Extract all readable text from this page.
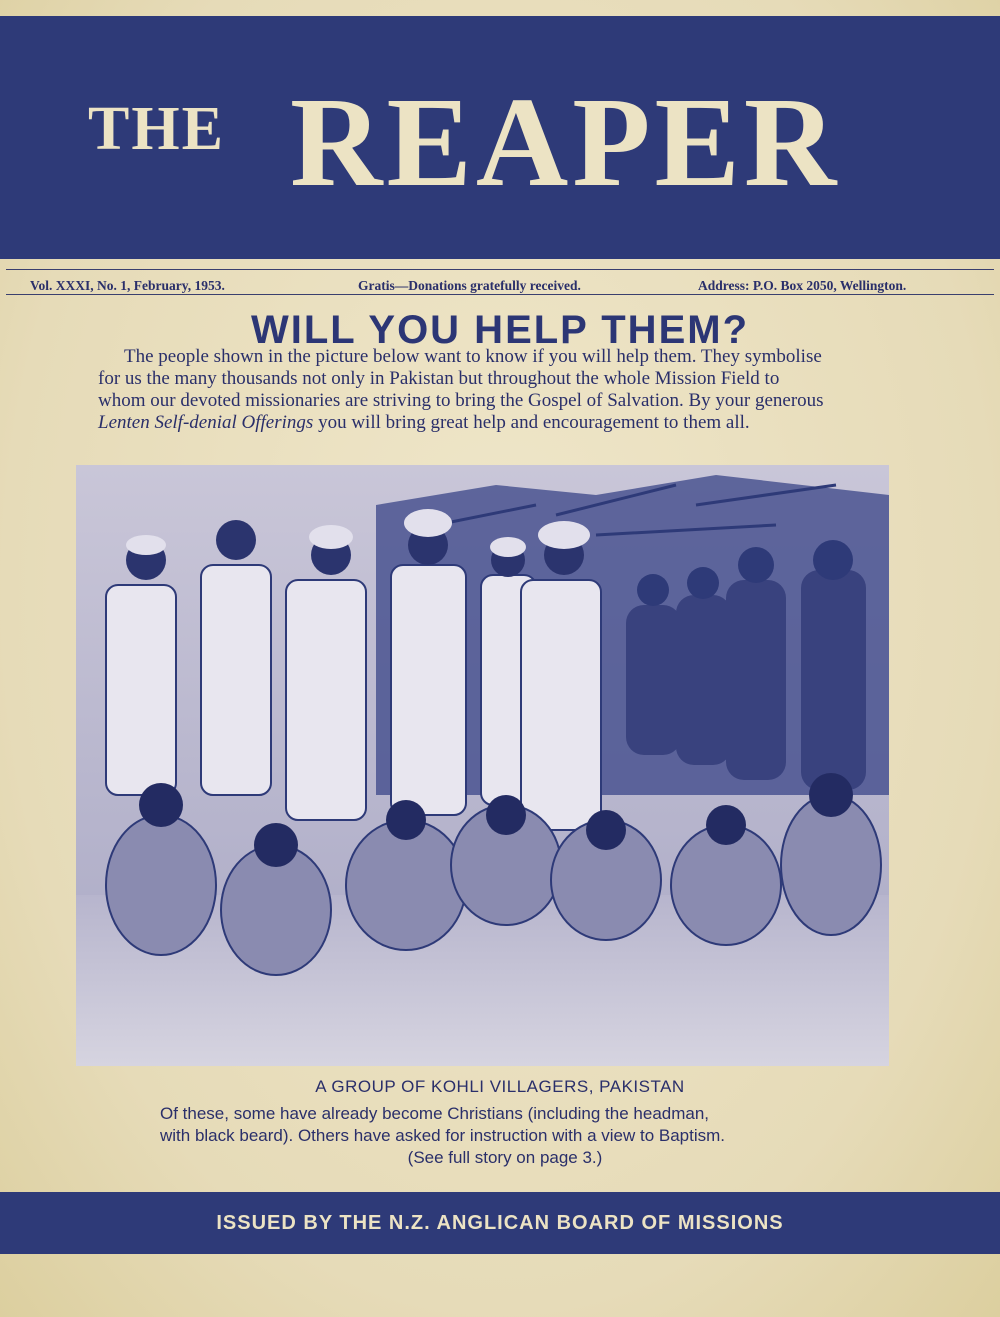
THE REAPER
Vol. XXXI, No. 1, February, 1953.	Gratis—Donations gratefully received.	Address: P.O. Box 2050, Wellington.
WILL YOU HELP THEM?
The people shown in the picture below want to know if you will help them. They symbolise
for us the many thousands not only in Pakistan but throughout the whole Mission Field to
whom our devoted missionaries are striving to bring the Gospel of Salvation. By your generous
Lenten Self-denial Offerings you will bring great help and encouragement to them all.
A GROUP OF KOHLI VILLAGERS, PAKISTAN
Of these, some have already become Christians (including the headman,
with black beard). Others have asked for instruction with a view to Baptism.
(See full story on page 3.)
ISSUED BY THE N.Z. ANGLICAN BOARD OF MISSIONS
